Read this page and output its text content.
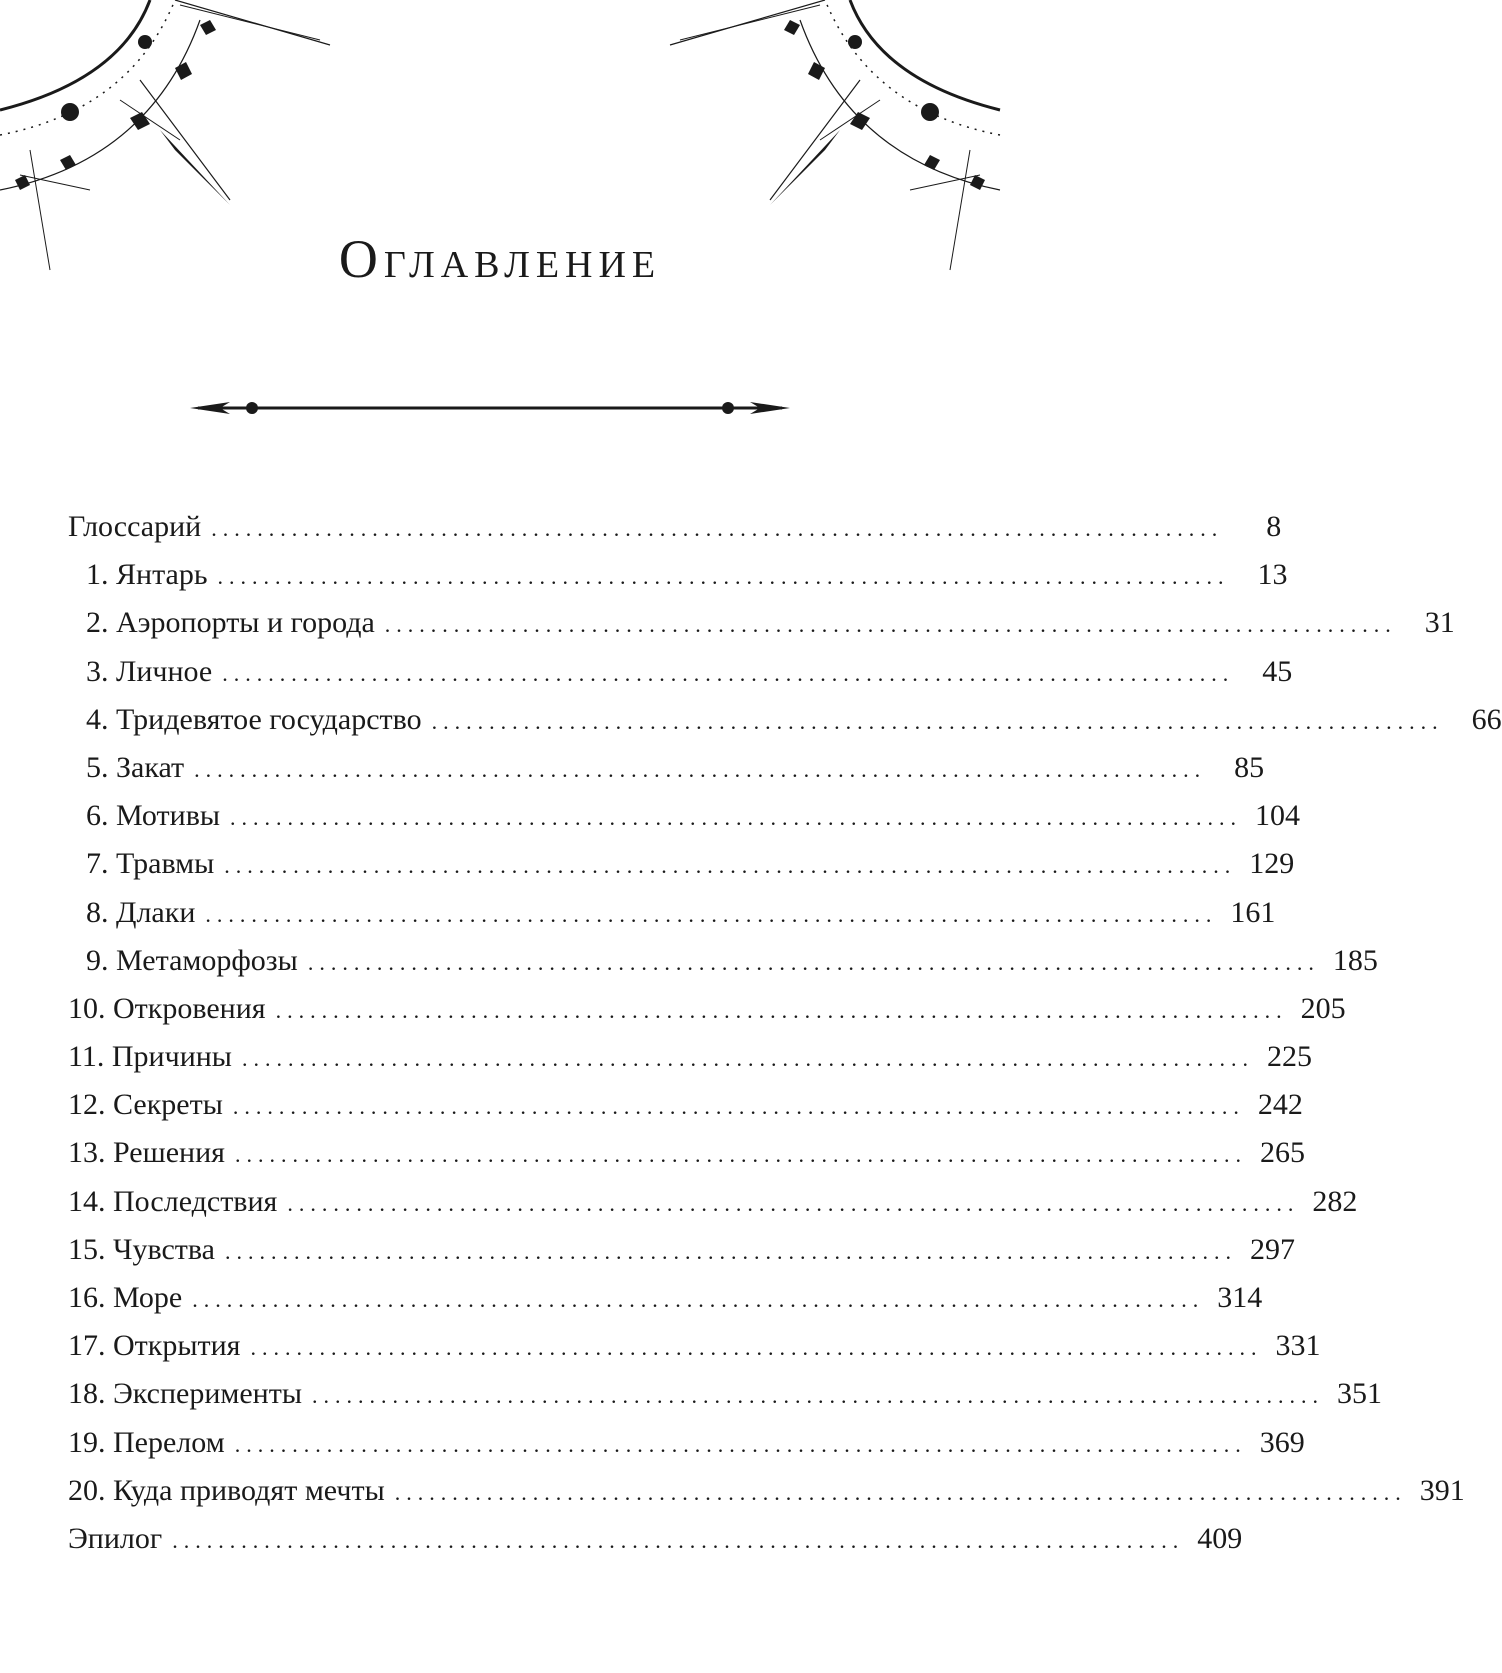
Оглавление
Глоссарий ........................................................................................	8
1. Янтарь ........................................................................................ 13
2. Аэропорты и города ........................................................................................ 31
3. Личное ........................................................................................ 45
4. Тридевятое государство ........................................................................................ 66
5. Закат ........................................................................................ 85
6. Мотивы ........................................................................................ 104
7. Травмы ........................................................................................ 129
8. Длаки ........................................................................................ 161
9. Метаморфозы ........................................................................................ 185
10. Откровения ........................................................................................ 205
11. Причины ........................................................................................ 225
12. Секреты ........................................................................................ 242
13. Решения ........................................................................................ 265
14. Последствия ........................................................................................ 282
15. Чувства ........................................................................................ 297
16. Море ........................................................................................ 314
17. Открытия ........................................................................................ 331
18. Эксперименты ........................................................................................ 351
19. Перелом ........................................................................................ 369
20. Куда приводят мечты ........................................................................................ 391
Эпилог ........................................................................................ 409
